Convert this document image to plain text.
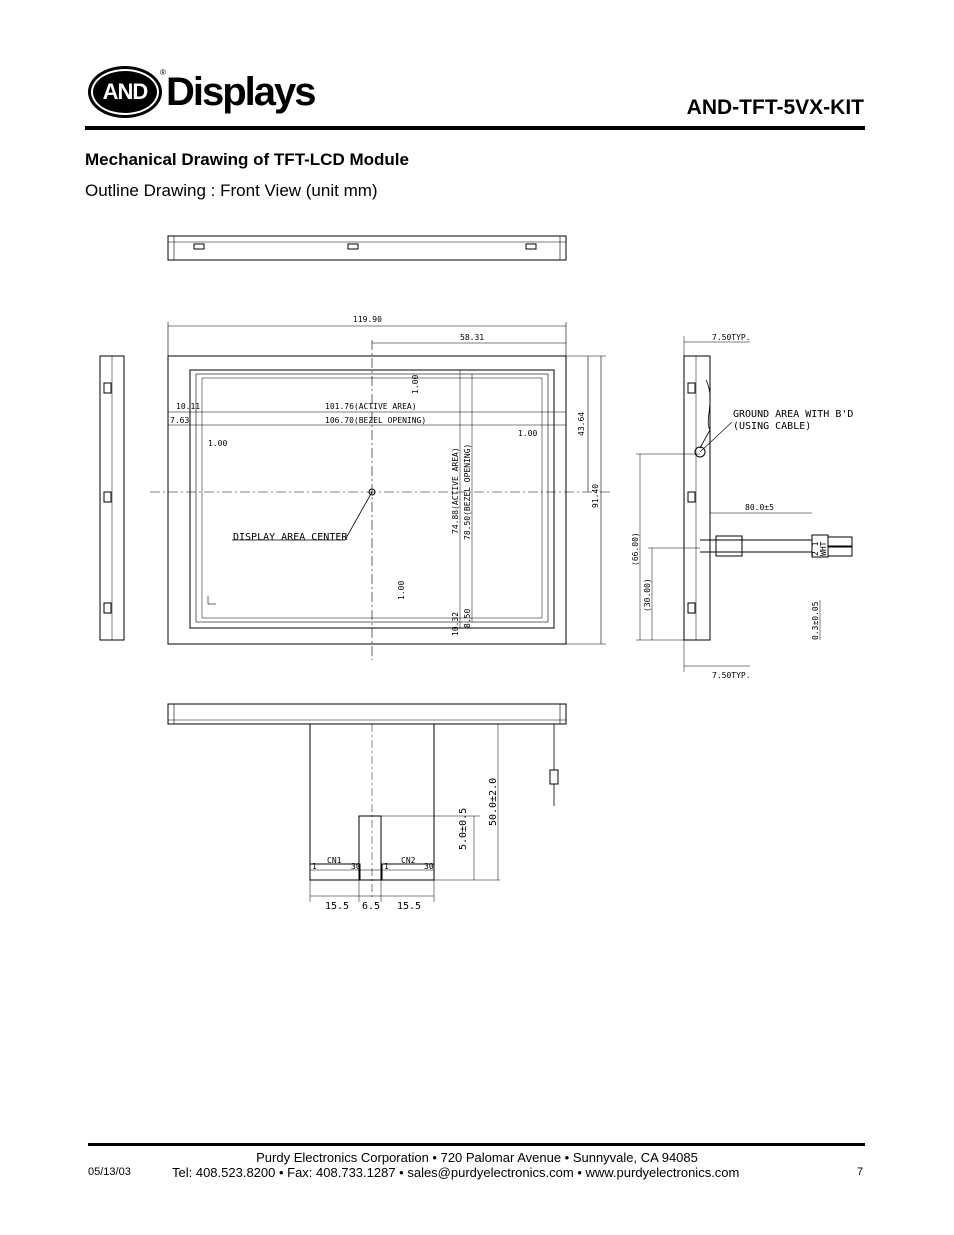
AND
® Displays	AND-TFT-5VX-KIT
Mechanical Drawing of TFT-LCD Module
Outline Drawing : Front View (unit mm)
119.90
58.31
101.76(ACTIVE AREA)
106.70(BEZEL OPENING)
10.11
7.63
1.00
1.00
DISPLAY AREA CENTER
43.64
91.40
74.88(ACTIVE AREA) 78.50(BEZEL OPENING)
10.32 8.50
1.00
1.00
7.50TYP.
7.50TYP.
GROUND AREA WITH B'D
(USING CABLE)
80.0±5
(66.00)
(30.00)
0.3±0.05
WHT
2 1
50.0±2.0
5.0±0.5
CN1	CN2
1	30	1	30
15.5 6.5 15.5
Purdy Electronics Corporation • 720 Palomar Avenue • Sunnyvale, CA 94085
05/13/03	Tel: 408.523.8200 • Fax: 408.733.1287 • sales@purdyelectronics.com • www.purdyelectronics.com	7
